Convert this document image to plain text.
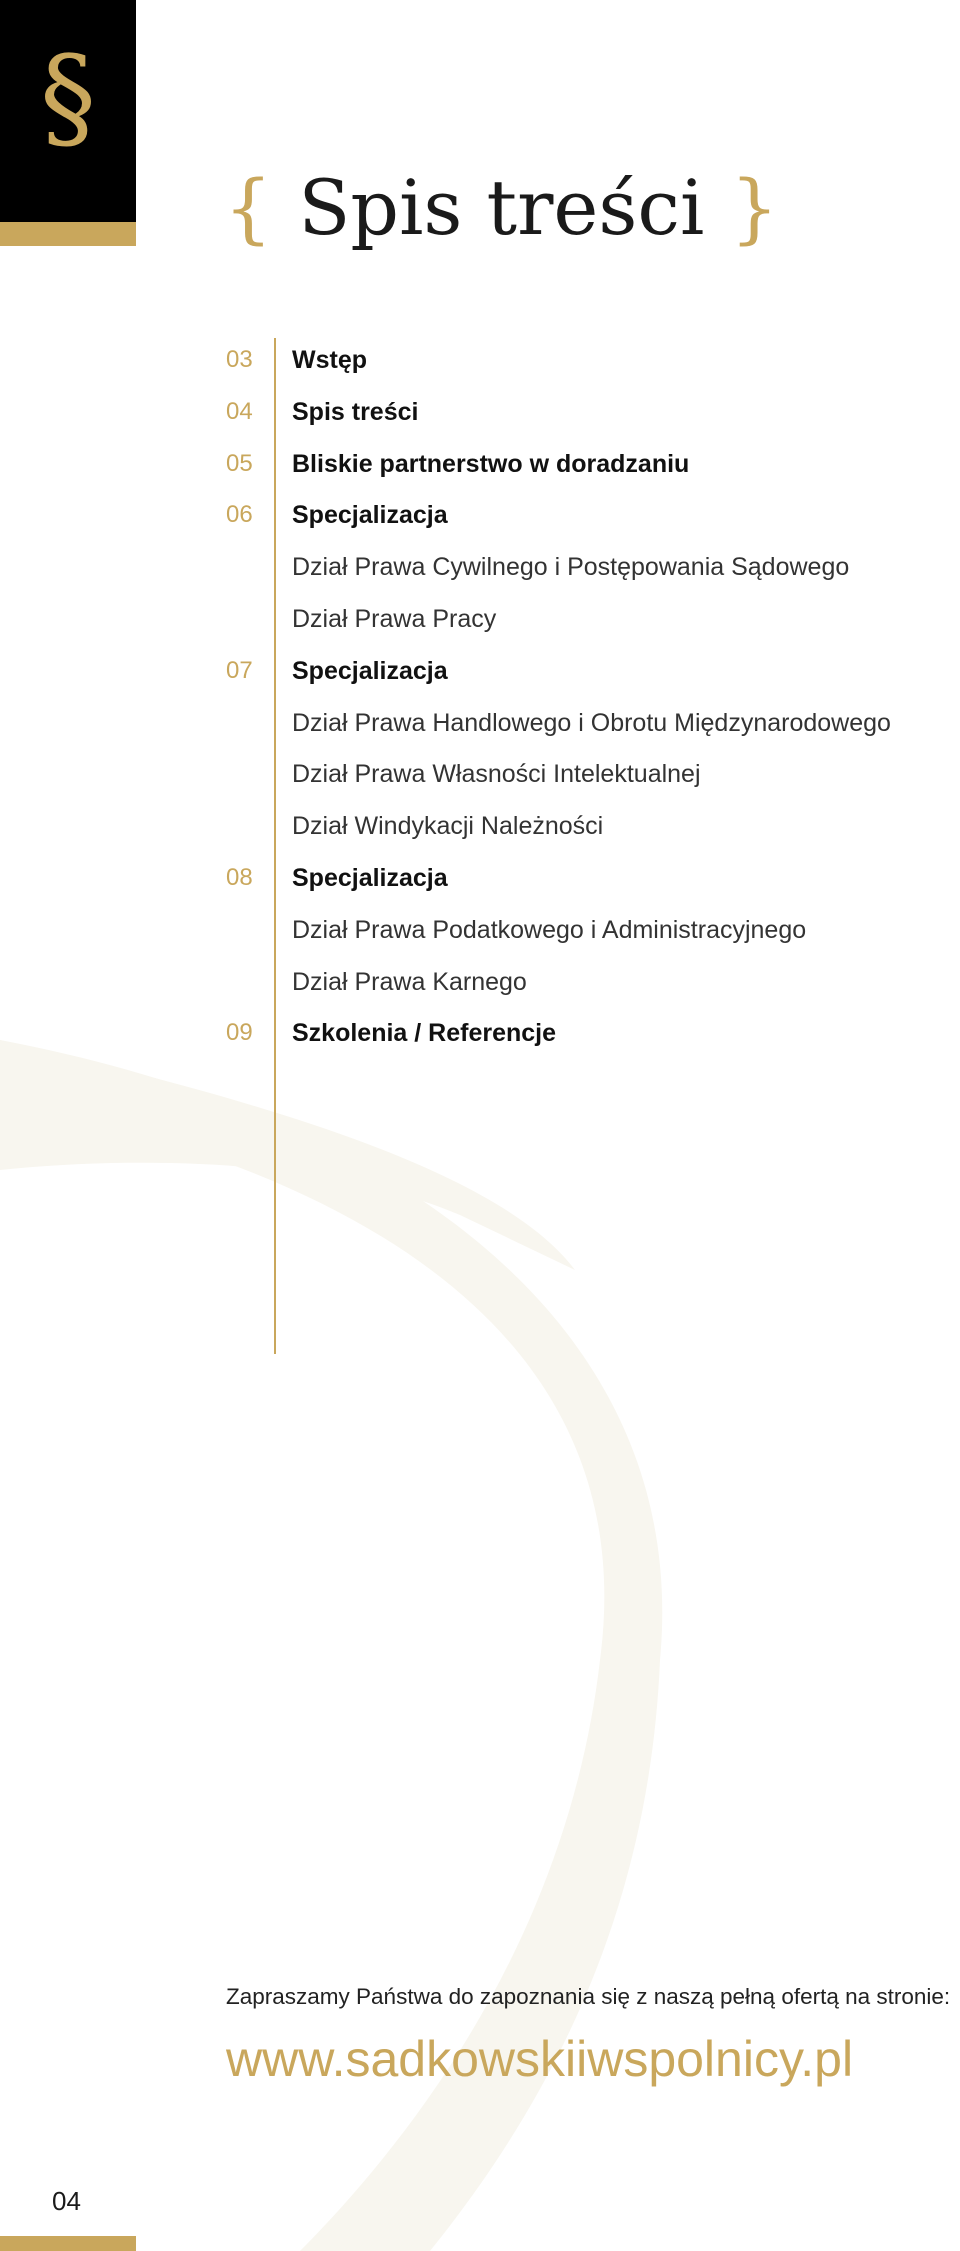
§
{ Spis treści }
03	Wstęp
04	Spis treści
05	Bliskie partnerstwo w doradzaniu
06	Specjalizacja
Dział Prawa Cywilnego i Postępowania Sądowego
Dział Prawa Pracy
07	Specjalizacja
Dział Prawa Handlowego i Obrotu Międzynarodowego
Dział Prawa Własności Intelektualnej
Dział Windykacji Należności
08	Specjalizacja
Dział Prawa Podatkowego i Administracyjnego
Dział Prawa Karnego
09	Szkolenia / Referencje
Zapraszamy Państwa do zapoznania się z naszą pełną ofertą na stronie:
www.sadkowskiiwspolnicy.pl
04
